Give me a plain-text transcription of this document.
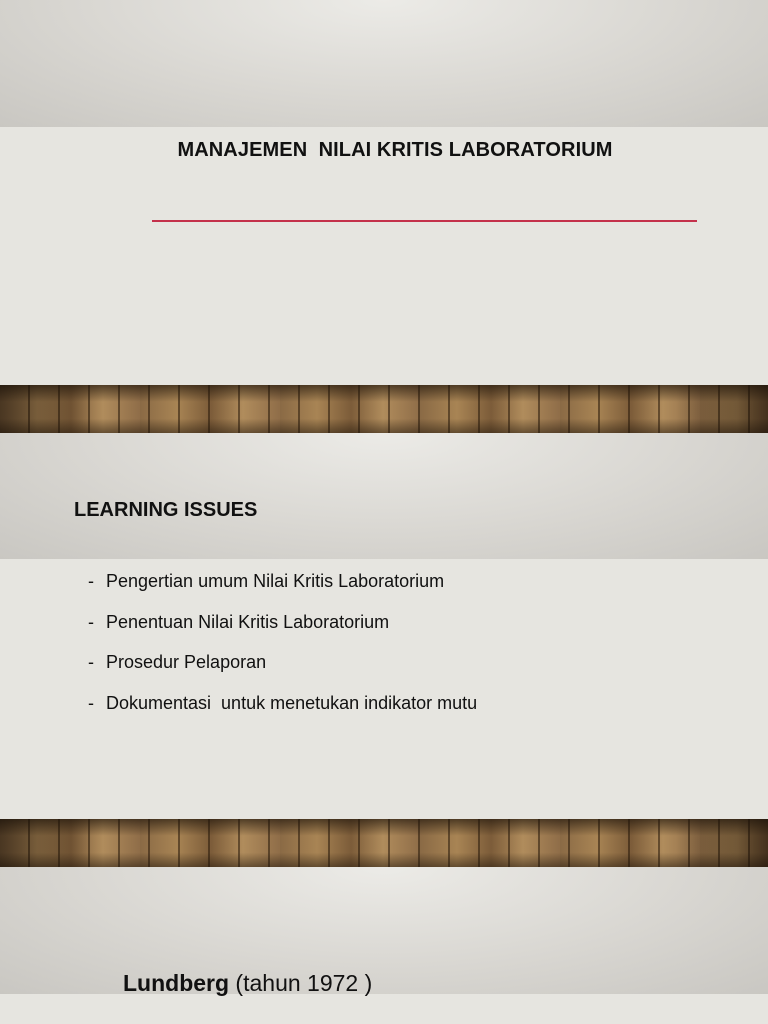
MANAJEMEN  NILAI KRITIS LABORATORIUM
LEARNING ISSUES
- Pengertian umum Nilai Kritis Laboratorium
- Penentuan Nilai Kritis Laboratorium
- Prosedur Pelaporan
- Dokumentasi  untuk menetukan indikator mutu
Lundberg (tahun 1972 )
